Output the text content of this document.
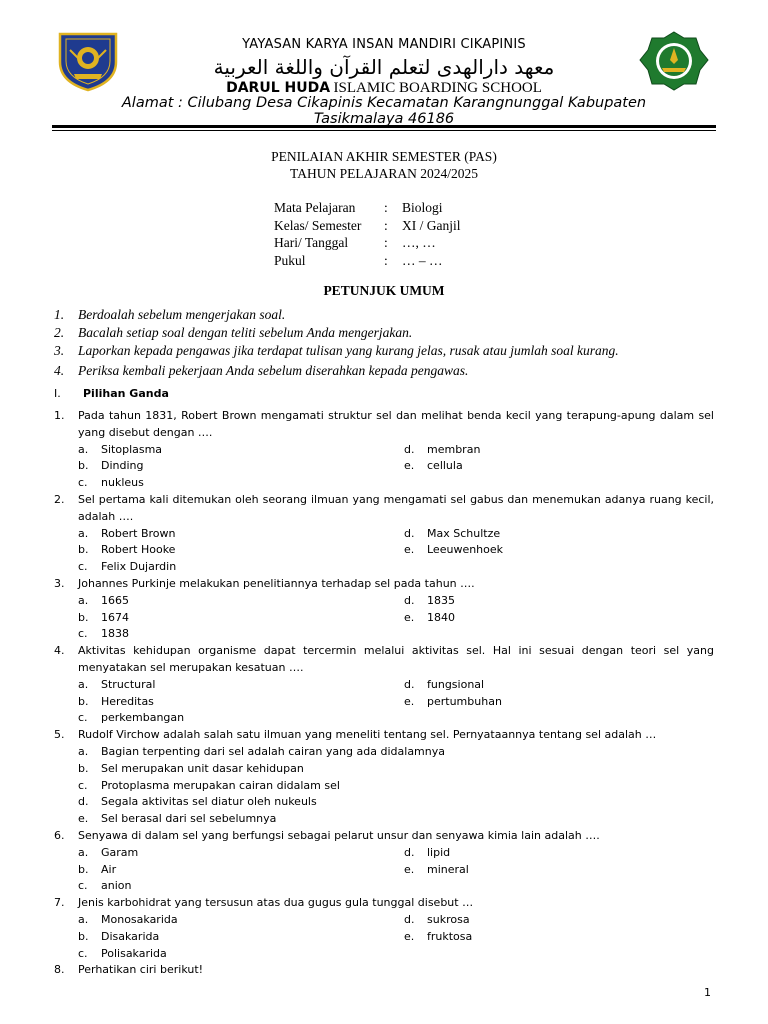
YAYASAN KARYA INSAN MANDIRI CIKAPINIS
معهد دارالهدى لتعلم القرآن واللغة العربية
DARUL HUDA ISLAMIC BOARDING SCHOOL
Alamat : Cilubang Desa Cikapinis Kecamatan Karangnunggal Kabupaten Tasikmalaya 46186
PENILAIAN AKHIR SEMESTER (PAS)
TAHUN PELAJARAN 2024/2025
Mata Pelajaran	:	Biologi
Kelas/ Semester	:	XI / Ganjil
Hari/ Tanggal	:	…, …
Pukul	:	… – …
PETUNJUK UMUM
1.	Berdoalah sebelum mengerjakan soal.
2.	Bacalah setiap soal dengan teliti sebelum Anda mengerjakan.
3.	Laporkan kepada pengawas jika terdapat tulisan yang kurang jelas, rusak atau jumlah soal kurang.
4.	Periksa kembali pekerjaan Anda sebelum diserahkan kepada pengawas.
I.	Pilihan Ganda
1.	Pada tahun 1831, Robert Brown mengamati struktur sel dan melihat benda kecil yang terapung-apung dalam sel yang disebut dengan ….
a.	Sitoplasma	d.	membran
b.	Dinding	e.	cellula
c.	nukleus
2.	Sel pertama kali ditemukan oleh seorang ilmuan yang mengamati sel gabus dan menemukan adanya ruang kecil, adalah ….
a.	Robert Brown	d.	Max Schultze
b.	Robert Hooke	e.	Leeuwenhoek
c.	Felix Dujardin
3.	Johannes Purkinje melakukan penelitiannya terhadap sel pada tahun ….
a.	1665	d.	1835
b.	1674	e.	1840
c.	1838
4.	Aktivitas kehidupan organisme dapat tercermin melalui aktivitas sel. Hal ini sesuai dengan teori sel yang menyatakan sel merupakan kesatuan ….
a.	Structural	d.	fungsional
b.	Hereditas	e.	pertumbuhan
c.	perkembangan
5.	Rudolf Virchow adalah salah satu ilmuan yang meneliti tentang sel. Pernyataannya tentang sel adalah …
a.	Bagian terpenting dari sel adalah cairan yang ada didalamnya
b.	Sel merupakan unit dasar kehidupan
c.	Protoplasma merupakan cairan didalam sel
d.	Segala aktivitas sel diatur oleh nukeuls
e.	Sel berasal dari sel sebelumnya
6.	Senyawa di dalam sel yang berfungsi sebagai pelarut unsur dan senyawa kimia lain adalah ….
a.	Garam	d.	lipid
b.	Air	e.	mineral
c.	anion
7.	Jenis karbohidrat yang tersusun atas dua gugus gula tunggal disebut …
a.	Monosakarida	d.	sukrosa
b.	Disakarida	e.	fruktosa
c.	Polisakarida
8.	Perhatikan ciri berikut!
1
